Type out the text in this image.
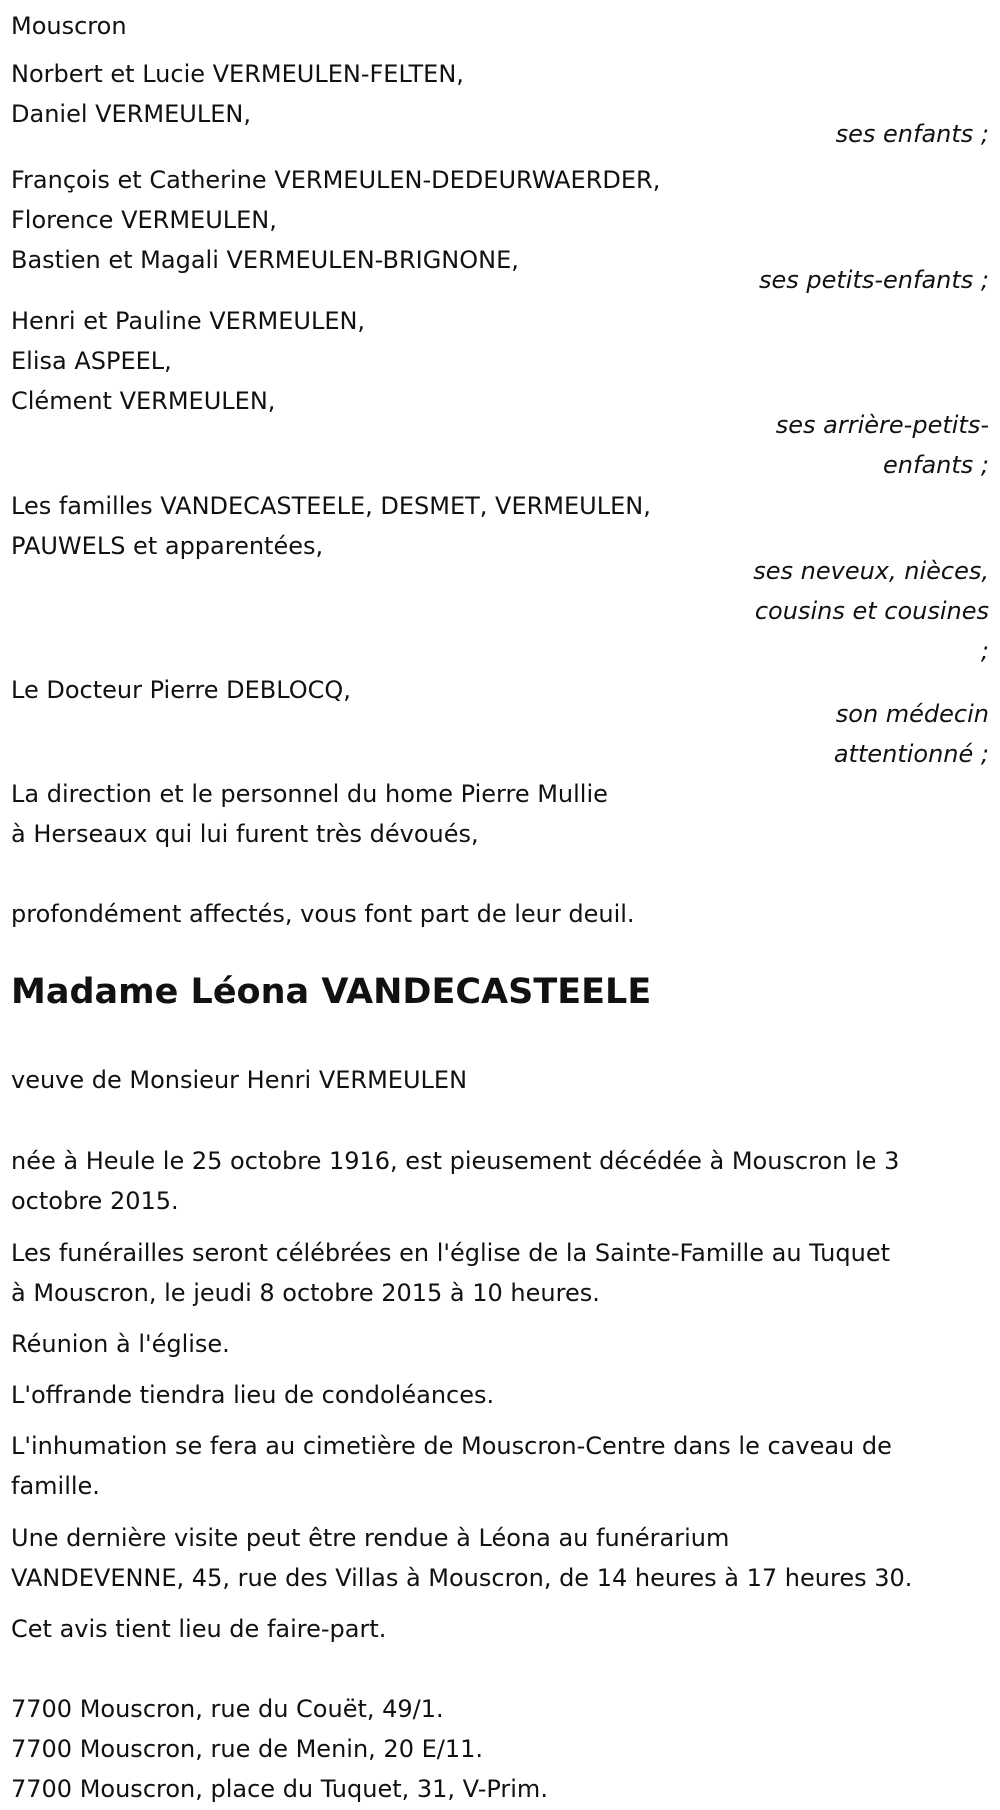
Mouscron
Norbert et Lucie VERMEULEN-FELTEN,
Daniel VERMEULEN,
ses enfants ;
François et Catherine VERMEULEN-DEDEURWAERDER,
Florence VERMEULEN,
Bastien et Magali VERMEULEN-BRIGNONE,
ses petits-enfants ;
Henri et Pauline VERMEULEN,
Elisa ASPEEL,
Clément VERMEULEN,
ses arrière-petits-
enfants ;
Les familles VANDECASTEELE, DESMET, VERMEULEN,
PAUWELS et apparentées,
ses neveux, nièces,
cousins et cousines
;
Le Docteur Pierre DEBLOCQ,
son médecin
attentionné ;
La direction et le personnel du home Pierre Mullie
à Herseaux qui lui furent très dévoués,
profondément affectés, vous font part de leur deuil.
Madame Léona VANDECASTEELE
veuve de Monsieur Henri VERMEULEN
née à Heule le 25 octobre 1916, est pieusement décédée à Mouscron le 3
octobre 2015.
Les funérailles seront célébrées en l'église de la Sainte-Famille au Tuquet
à Mouscron, le jeudi 8 octobre 2015 à 10 heures.
Réunion à l'église.
L'offrande tiendra lieu de condoléances.
L'inhumation se fera au cimetière de Mouscron-Centre dans le caveau de
famille.
Une dernière visite peut être rendue à Léona au funérarium
VANDEVENNE, 45, rue des Villas à Mouscron, de 14 heures à 17 heures 30.
Cet avis tient lieu de faire-part.
7700 Mouscron, rue du Couët, 49/1.
7700 Mouscron, rue de Menin, 20 E/11.
7700 Mouscron, place du Tuquet, 31, V-Prim.
